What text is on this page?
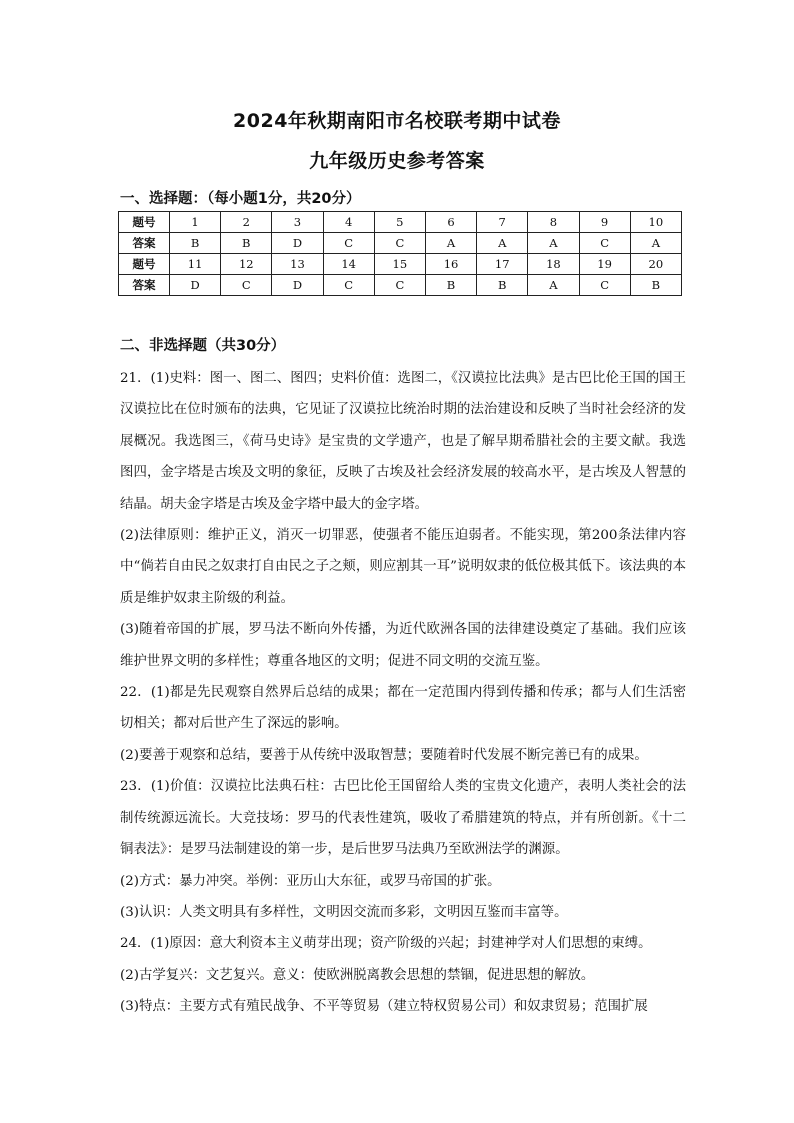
2024年秋期南阳市名校联考期中试卷
九年级历史参考答案
一、选择题：（每小题1分，共20分）
题号	1	2	3	4	5	6	7	8	9	10
答案	B	B	D	C	C	A	A	A	C	A
题号	11	12	13	14	15	16	17	18	19	20
答案	D	C	D	C	C	B	B	A	C	B
二、非选择题（共30分）

21．(1)史料：图一、图二、图四；史料价值：选图二，《汉谟拉比法典》是古巴比伦王国的国王汉谟拉比在位时颁布的法典，它见证了汉谟拉比统治时期的法治建设和反映了当时社会经济的发展概况。我选图三，《荷马史诗》是宝贵的文学遗产，也是了解早期希腊社会的主要文献。我选图四，金字塔是古埃及文明的象征，反映了古埃及社会经济发展的较高水平，是古埃及人智慧的结晶。胡夫金字塔是古埃及金字塔中最大的金字塔。

(2)法律原则：维护正义，消灭一切罪恶，使强者不能压迫弱者。不能实现，第200条法律内容中“倘若自由民之奴隶打自由民之子之颊，则应割其一耳”说明奴隶的低位极其低下。该法典的本质是维护奴隶主阶级的利益。

(3)随着帝国的扩展，罗马法不断向外传播，为近代欧洲各国的法律建设奠定了基础。我们应该维护世界文明的多样性；尊重各地区的文明；促进不同文明的交流互鉴。

22．(1)都是先民观察自然界后总结的成果；都在一定范围内得到传播和传承；都与人们生活密切相关；都对后世产生了深远的影响。

(2)要善于观察和总结，要善于从传统中汲取智慧；要随着时代发展不断完善已有的成果。

23．(1)价值：汉谟拉比法典石柱：古巴比伦王国留给人类的宝贵文化遗产，表明人类社会的法制传统源远流长。大竞技场：罗马的代表性建筑，吸收了希腊建筑的特点，并有所创新。《十二铜表法》：是罗马法制建设的第一步，是后世罗马法典乃至欧洲法学的渊源。

(2)方式：暴力冲突。举例：亚历山大东征，或罗马帝国的扩张。

(3)认识：人类文明具有多样性，文明因交流而多彩，文明因互鉴而丰富等。

24．(1)原因：意大利资本主义萌芽出现；资产阶级的兴起；封建神学对人们思想的束缚。

(2)古学复兴：文艺复兴。意义：使欧洲脱离教会思想的禁锢，促进思想的解放。

(3)特点：主要方式有殖民战争、不平等贸易（建立特权贸易公司）和奴隶贸易；范围扩展
